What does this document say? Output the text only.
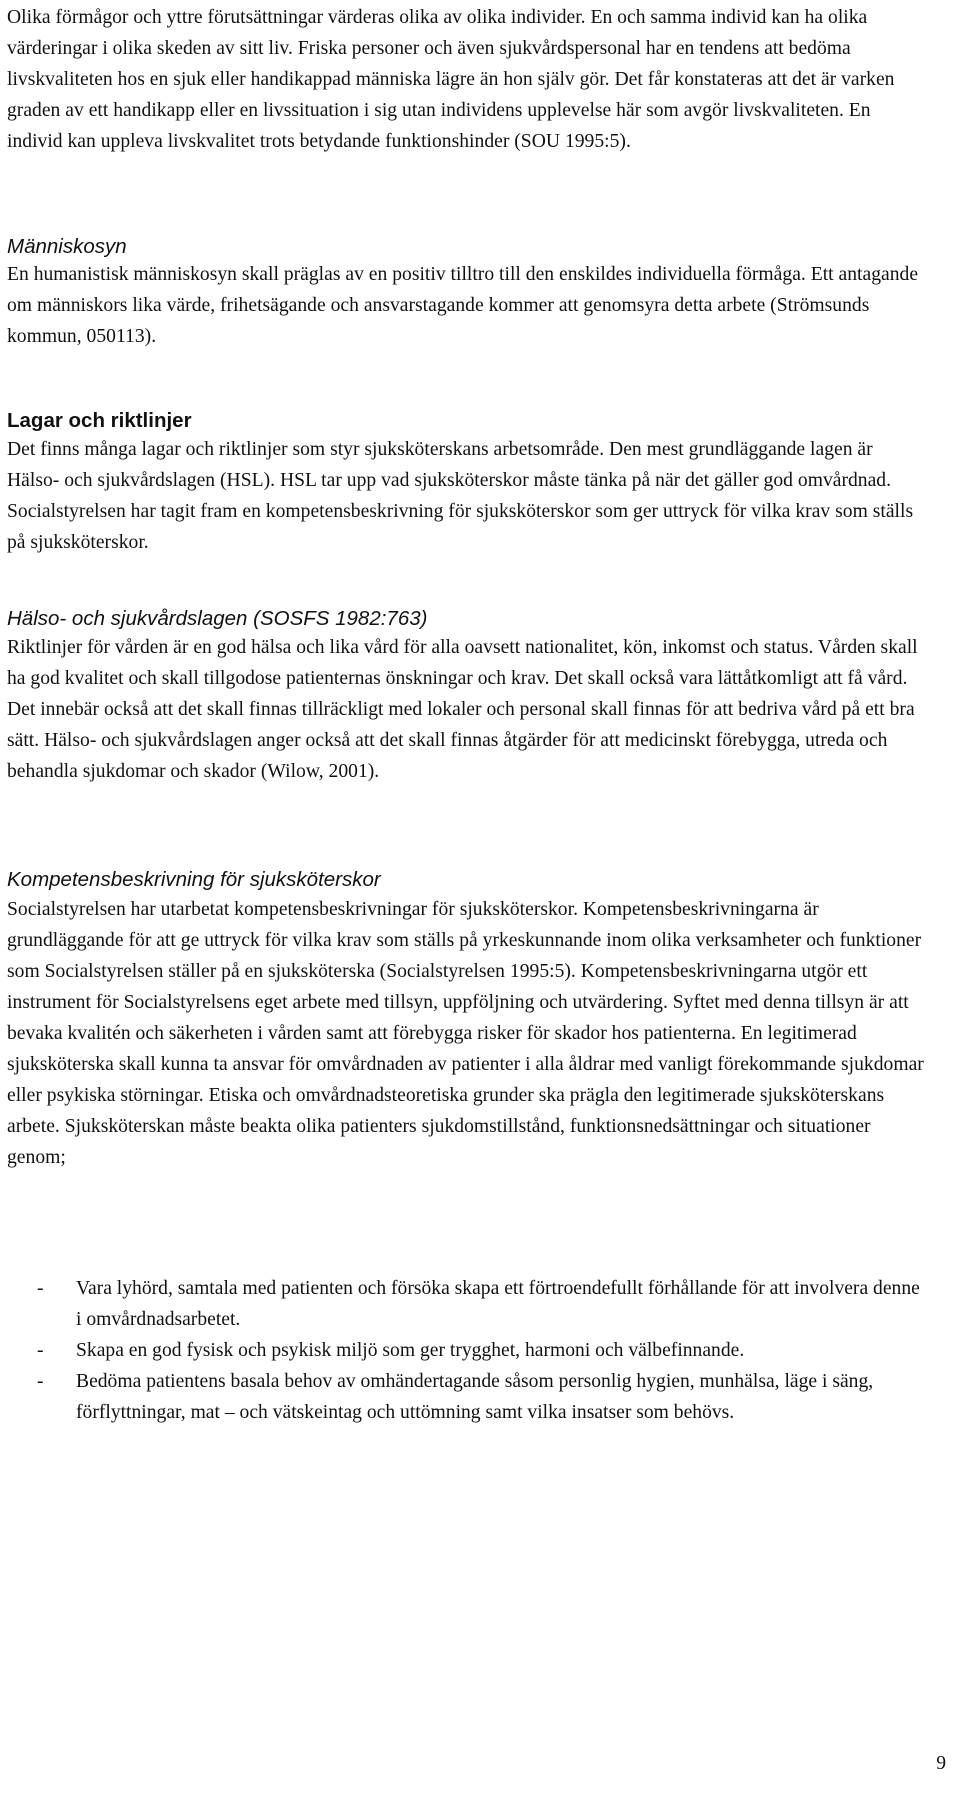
Olika förmågor och yttre förutsättningar värderas olika av olika individer. En och samma individ kan ha olika värderingar i olika skeden av sitt liv. Friska personer och även sjukvårdspersonal har en tendens att bedöma livskvaliteten hos en sjuk eller handikappad människa lägre än hon själv gör. Det får konstateras att det är varken graden av ett handikapp eller en livssituation i sig utan individens upplevelse här som avgör livskvaliteten. En individ kan uppleva livskvalitet trots betydande funktionshinder (SOU 1995:5).

Människosyn

En humanistisk människosyn skall präglas av en positiv tilltro till den enskildes individuella förmåga. Ett antagande om människors lika värde, frihetsägande och ansvarstagande kommer att genomsyra detta arbete (Strömsunds kommun, 050113).

Lagar och riktlinjer

Det finns många lagar och riktlinjer som styr sjuksköterskans arbetsområde. Den mest grundläggande lagen är Hälso- och sjukvårdslagen (HSL). HSL tar upp vad sjuksköterskor måste tänka på när det gäller god omvårdnad. Socialstyrelsen har tagit fram en kompetensbeskrivning för sjuksköterskor som ger uttryck för vilka krav som ställs på sjuksköterskor.

Hälso- och sjukvårdslagen (SOSFS 1982:763)

Riktlinjer för vården är en god hälsa och lika vård för alla oavsett nationalitet, kön, inkomst och status. Vården skall ha god kvalitet och skall tillgodose patienternas önskningar och krav. Det skall också vara lättåtkomligt att få vård. Det innebär också att det skall finnas tillräckligt med lokaler och personal skall finnas för att bedriva vård på ett bra sätt. Hälso- och sjukvårdslagen anger också att det skall finnas åtgärder för att medicinskt förebygga, utreda och behandla sjukdomar och skador (Wilow, 2001).

Kompetensbeskrivning för sjuksköterskor

Socialstyrelsen har utarbetat kompetensbeskrivningar för sjuksköterskor. Kompetensbeskrivningarna är grundläggande för att ge uttryck för vilka krav som ställs på yrkeskunnande inom olika verksamheter och funktioner som Socialstyrelsen ställer på en sjuksköterska (Socialstyrelsen 1995:5). Kompetensbeskrivningarna utgör ett instrument för Socialstyrelsens eget arbete med tillsyn, uppföljning och utvärdering. Syftet med denna tillsyn är att bevaka kvalitén och säkerheten i vården samt att förebygga risker för skador hos patienterna. En legitimerad sjuksköterska skall kunna ta ansvar för omvårdnaden av patienter i alla åldrar med vanligt förekommande sjukdomar eller psykiska störningar. Etiska och omvårdnadsteoretiska grunder ska prägla den legitimerade sjuksköterskans arbete. Sjuksköterskan måste beakta olika patienters sjukdomstillstånd, funktionsnedsättningar och situationer genom;

- Vara lyhörd, samtala med patienten och försöka skapa ett förtroendefullt förhållande för att involvera denne i omvårdnadsarbetet.
- Skapa en god fysisk och psykisk miljö som ger trygghet, harmoni och välbefinnande.
- Bedöma patientens basala behov av omhändertagande såsom personlig hygien, munhälsa, läge i säng, förflyttningar, mat – och vätskeintag och uttömning samt vilka insatser som behövs.
9
